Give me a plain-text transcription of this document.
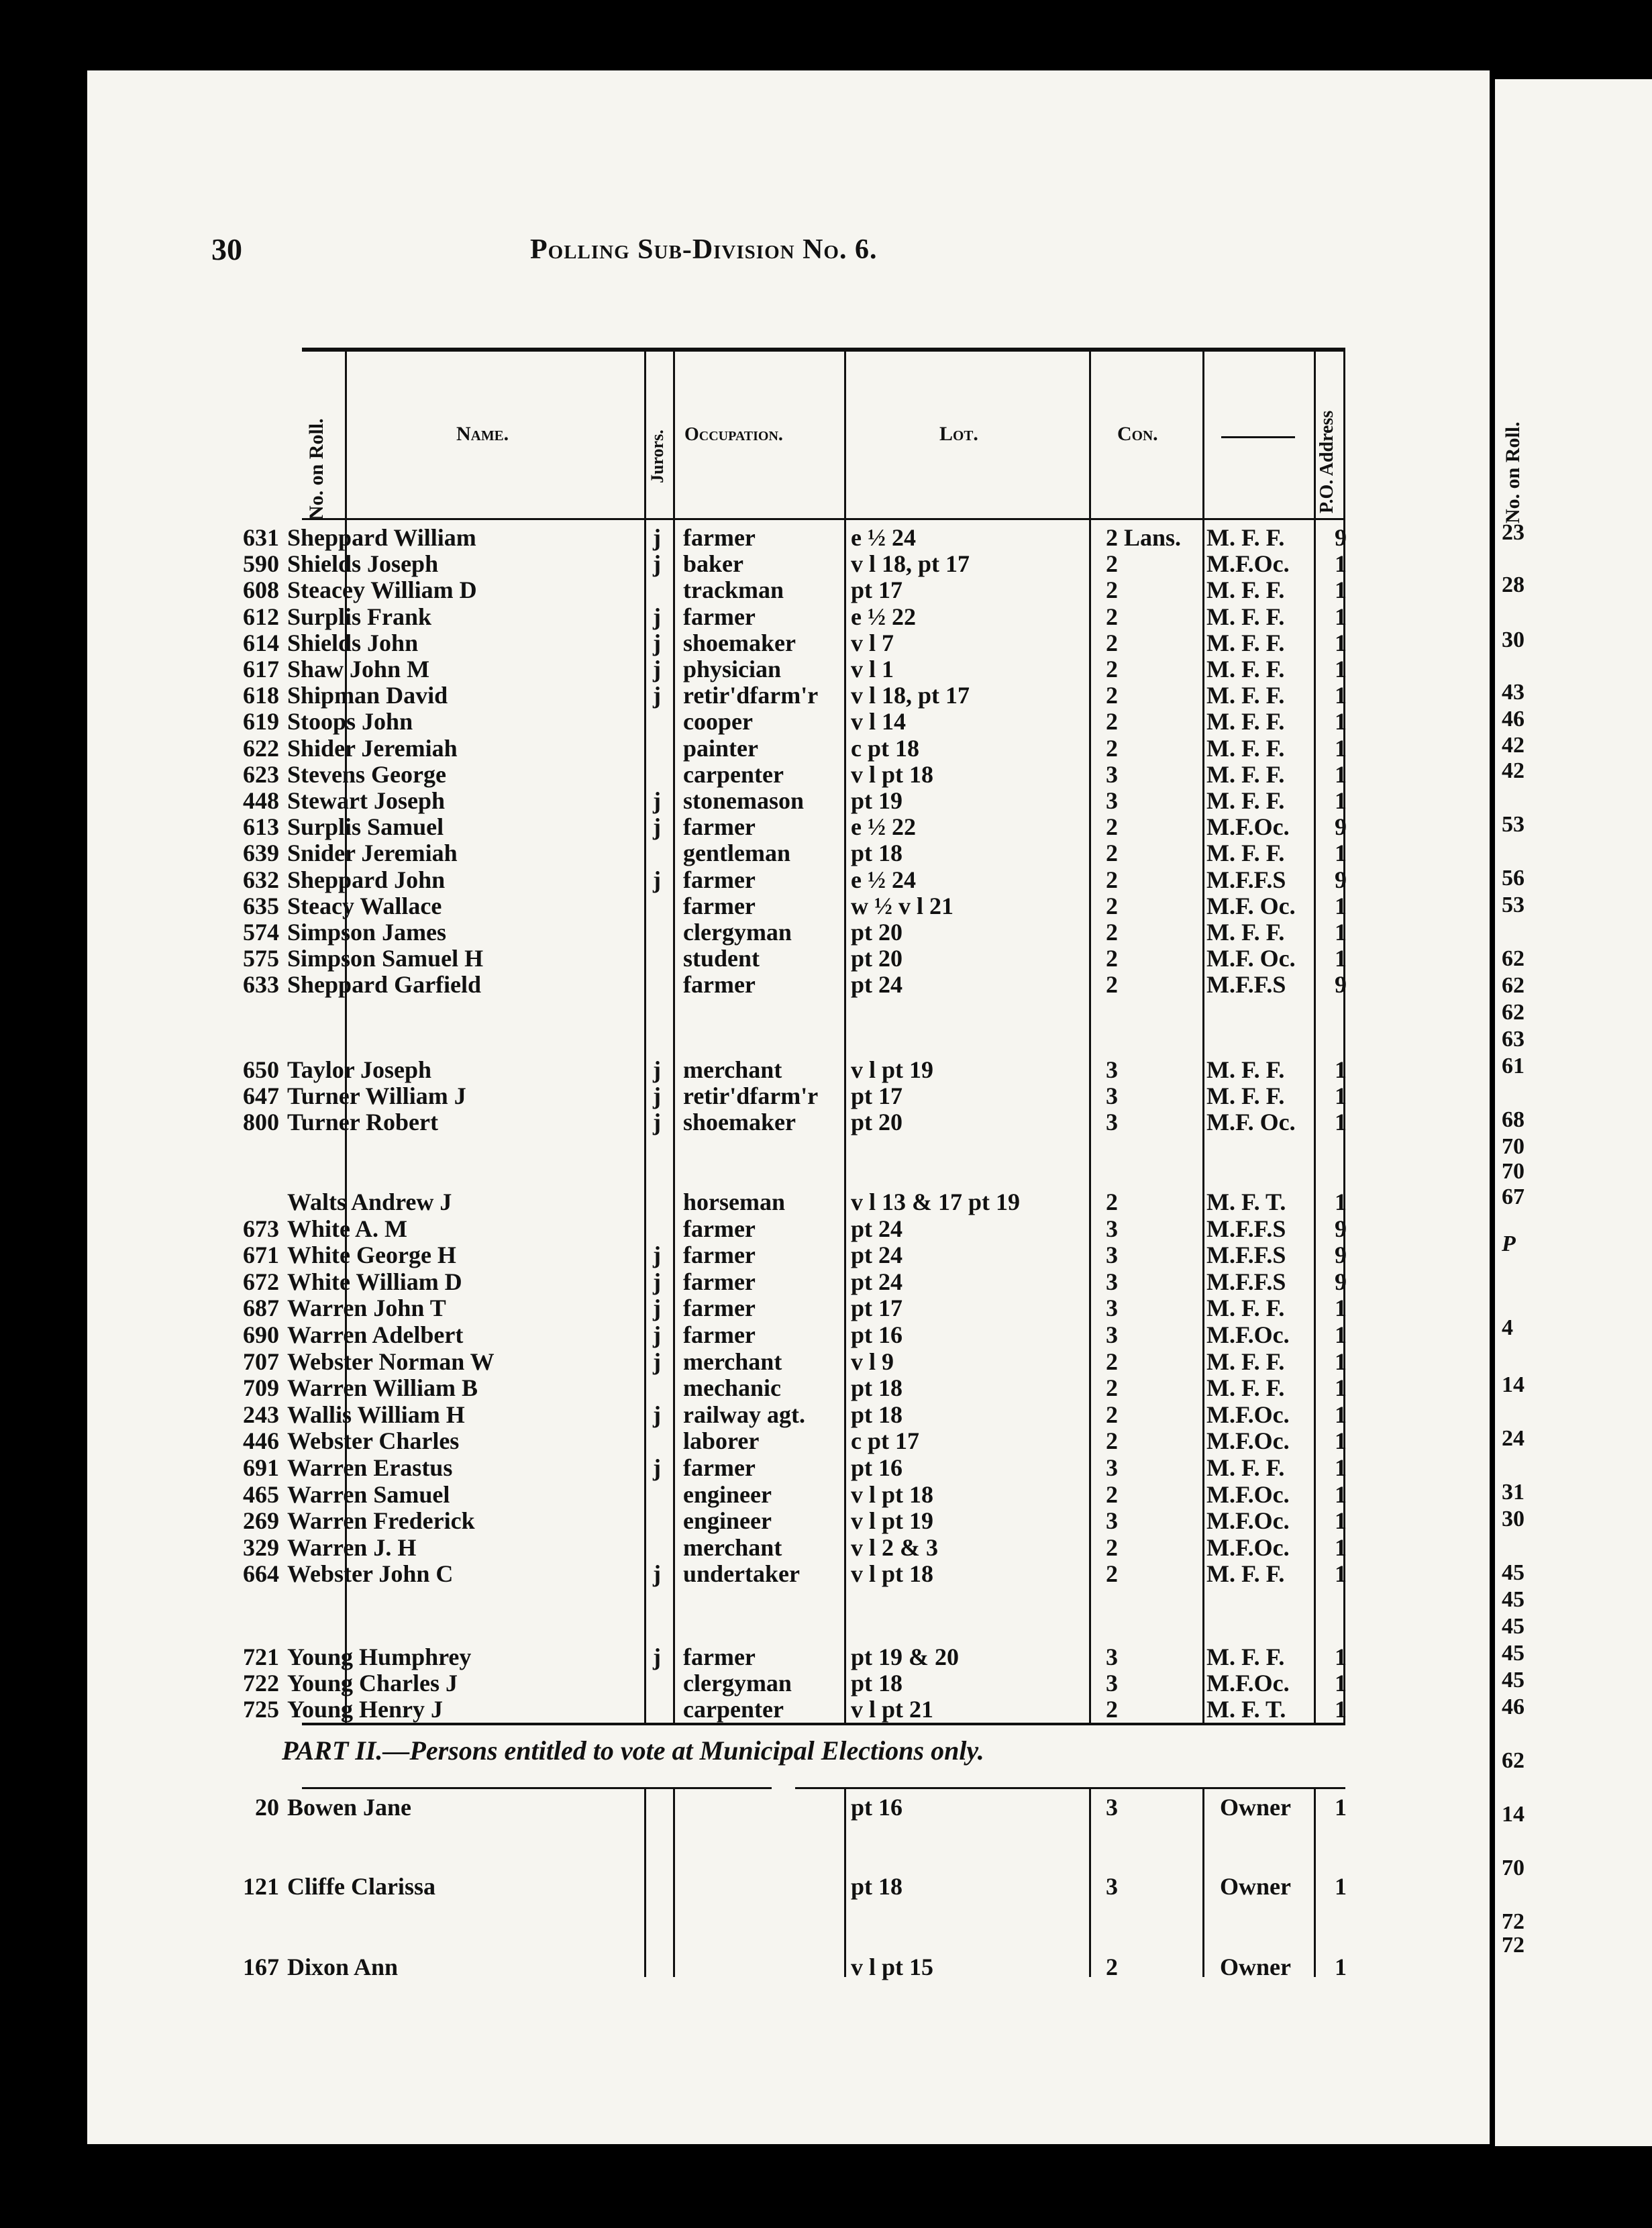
30	Polling Sub-Division No. 6.
No. on Roll.	Name.	Jurors. Occupation.	Lot.	Con.	P.O. Address
631 Sheppard William	j farmer	e ½ 24	2 Lans.	M. F. F.	9
590 Shields Joseph	j baker	v l 18, pt 17	2	M.F.Oc.	1
608 Steacey William D	trackman	pt 17	2	M. F. F.	1
612 Surplis Frank	j farmer	e ½ 22	2	M. F. F.	1
614 Shields John	j shoemaker	v l 7	2	M. F. F.	1
617 Shaw John M	j physician	v l 1	2	M. F. F.	1
618 Shipman David	j retir'dfarm'r	v l 18, pt 17	2	M. F. F.	1
619 Stoops John	cooper	v l 14	2	M. F. F.	1
622 Shider Jeremiah	painter	c pt 18	2	M. F. F.	1
623 Stevens George	carpenter	v l pt 18	3	M. F. F.	1
448 Stewart Joseph	j stonemason	pt 19	3	M. F. F.	1
613 Surplis Samuel	j farmer	e ½ 22	2	M.F.Oc.	9
639 Snider Jeremiah	gentleman	pt 18	2	M. F. F.	1
632 Sheppard John	j farmer	e ½ 24	2	M.F.F.S	9
635 Steacy Wallace	farmer	w ½ v l 21	2	M.F. Oc.	1
574 Simpson James	clergyman	pt 20	2	M. F. F.	1
575 Simpson Samuel H	student	pt 20	2	M.F. Oc.	1
633 Sheppard Garfield	farmer	pt 24	2	M.F.F.S	9
650 Taylor Joseph	j merchant	v l pt 19	3	M. F. F.	1
647 Turner William J	j retir'dfarm'r	pt 17	3	M. F. F.	1
800 Turner Robert	j shoemaker	pt 20	3	M.F. Oc.	1
Walts Andrew J	horseman	v l 13 & 17 pt 19	2	M. F. T.	1
673 White A. M	farmer	pt 24	3	M.F.F.S	9
671 White George H	j farmer	pt 24	3	M.F.F.S	9
672 White William D	j farmer	pt 24	3	M.F.F.S	9
687 Warren John T	j farmer	pt 17	3	M. F. F.	1
690 Warren Adelbert	j farmer	pt 16	3	M.F.Oc.	1
707 Webster Norman W	j merchant	v l 9	2	M. F. F.	1
709 Warren William B	mechanic	pt 18	2	M. F. F.	1
243 Wallis William H	j railway agt.	pt 18	2	M.F.Oc.	1
446 Webster Charles	laborer	c pt 17	2	M.F.Oc.	1
691 Warren Erastus	j farmer	pt 16	3	M. F. F.	1
465 Warren Samuel	engineer	v l pt 18	2	M.F.Oc.	1
269 Warren Frederick	engineer	v l pt 19	3	M.F.Oc.	1
329 Warren J. H	merchant	v l 2 & 3	2	M.F.Oc.	1
664 Webster John C	j undertaker	v l pt 18	2	M. F. F.	1
721 Young Humphrey	j farmer	pt 19 & 20	3	M. F. F.	1
722 Young Charles J	clergyman	pt 18	3	M.F.Oc.	1
725 Young Henry J	carpenter	v l pt 21	2	M. F. T.	1
PART II.—Persons entitled to vote at Municipal Elections only.
20 Bowen Jane	pt 16	3	Owner	1
121 Cliffe Clarissa	pt 18	3	Owner	1
167 Dixon Ann	v l pt 15	2	Owner	1
No. on Roll.
23
28
30
43
46
42
42
53
56
53
62
62
62
63
61
68
70
70
67
P
4
14
24
31
30
45
45
45
45
45
46
62
14
70
72
72
